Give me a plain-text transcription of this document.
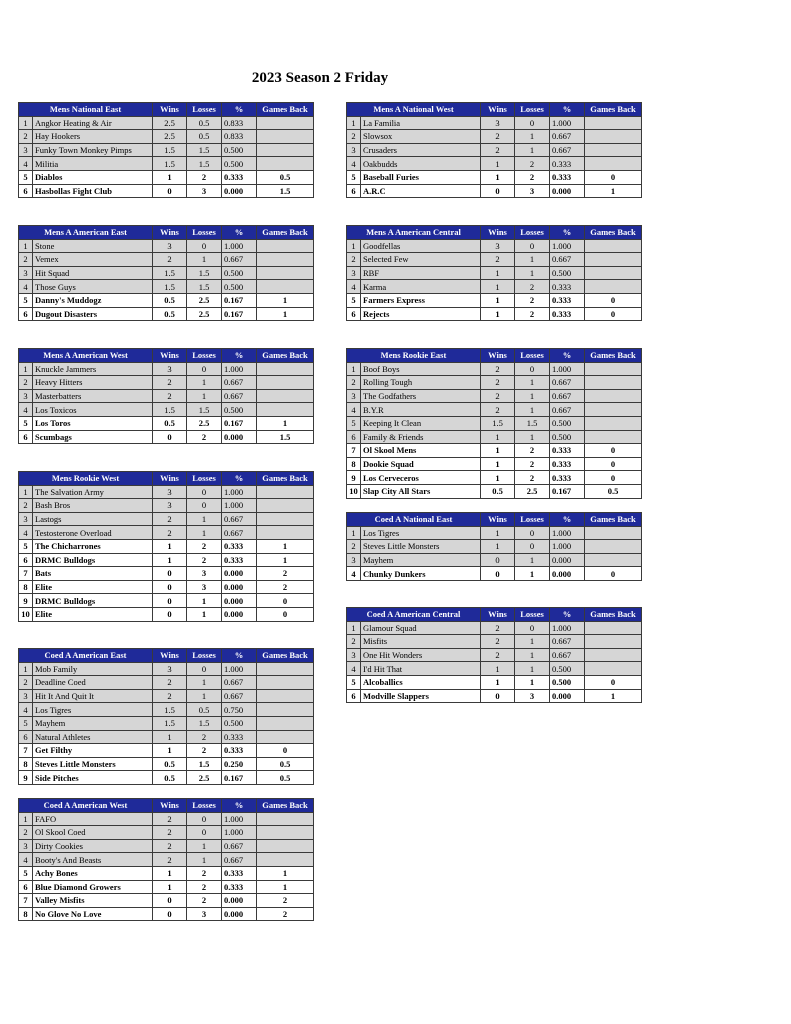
2023 Season 2 Friday
Mens National East		Wins	Losses	%	Games Back
1	Angkor Heating & Air	2.5	0.5	0.833	
2	Hay Hookers	2.5	0.5	0.833	
3	Funky Town Monkey Pimps	1.5	1.5	0.500	
4	Militia	1.5	1.5	0.500	
5	Diablos	1	2	0.333	0.5
6	Hasbollas Fight Club	0	3	0.000	1.5
Mens A National West		Wins	Losses	%	Games Back
1	La Familia	3	0	1.000	
2	Slowsox	2	1	0.667	
3	Crusaders	2	1	0.667	
4	Oakbudds	1	2	0.333	
5	Baseball Furies	1	2	0.333	0
6	A.R.C	0	3	0.000	1
Mens A American East		Wins	Losses	%	Games Back
1	Stone	3	0	1.000	
2	Vemex	2	1	0.667	
3	Hit Squad	1.5	1.5	0.500	
4	Those Guys	1.5	1.5	0.500	
5	Danny's Muddogz	0.5	2.5	0.167	1
6	Dugout Disasters	0.5	2.5	0.167	1
Mens A American Central		Wins	Losses	%	Games Back
1	Goodfellas	3	0	1.000	
2	Selected Few	2	1	0.667	
3	RBF	1	1	0.500	
4	Karma	1	2	0.333	
5	Farmers Express	1	2	0.333	0
6	Rejects	1	2	0.333	0
Mens A American West		Wins	Losses	%	Games Back
1	Knuckle Jammers	3	0	1.000	
2	Heavy Hitters	2	1	0.667	
3	Masterbatters	2	1	0.667	
4	Los Toxicos	1.5	1.5	0.500	
5	Los Toros	0.5	2.5	0.167	1
6	Scumbags	0	2	0.000	1.5
Mens Rookie East		Wins	Losses	%	Games Back
1	Boof Boys	2	0	1.000	
2	Rolling Tough	2	1	0.667	
3	The Godfathers	2	1	0.667	
4	B.Y.R	2	1	0.667	
5	Keeping It Clean	1.5	1.5	0.500	
6	Family & Friends	1	1	0.500	
7	Ol Skool Mens	1	2	0.333	0
8	Dookie Squad	1	2	0.333	0
9	Los Cerveceros	1	2	0.333	0
10	Slap City All Stars	0.5	2.5	0.167	0.5
Mens Rookie West		Wins	Losses	%	Games Back
1	The Salvation Army	3	0	1.000	
2	Bash Bros	3	0	1.000	
3	Lastogs	2	1	0.667	
4	Testosterone Overload	2	1	0.667	
5	The Chicharrones	1	2	0.333	1
6	DRMC Bulldogs	1	2	0.333	1
7	Bats	0	3	0.000	2
8	Elite	0	3	0.000	2
9	DRMC Bulldogs	0	1	0.000	0
10	Elite	0	1	0.000	0
Coed A National East		Wins	Losses	%	Games Back
1	Los Tigres	1	0	1.000	
2	Steves Little Monsters	1	0	1.000	
3	Mayhem	0	1	0.000	
4	Chunky Dunkers	0	1	0.000	0
Coed A American Central		Wins	Losses	%	Games Back
1	Glamour Squad	2	0	1.000	
2	Misfits	2	1	0.667	
3	One Hit Wonders	2	1	0.667	
4	I'd Hit That	1	1	0.500	
5	Alcoballics	1	1	0.500	0
6	Modville Slappers	0	3	0.000	1
Coed A American East		Wins	Losses	%	Games Back
1	Mob Family	3	0	1.000	
2	Deadline Coed	2	1	0.667	
3	Hit It And Quit It	2	1	0.667	
4	Los Tigres	1.5	0.5	0.750	
5	Mayhem	1.5	1.5	0.500	
6	Natural Athletes	1	2	0.333	
7	Get Filthy	1	2	0.333	0
8	Steves Little Monsters	0.5	1.5	0.250	0.5
9	Side Pitches	0.5	2.5	0.167	0.5
Coed A American West		Wins	Losses	%	Games Back
1	FAFO	2	0	1.000	
2	Ol Skool Coed	2	0	1.000	
3	Dirty Cookies	2	1	0.667	
4	Booty's And Beasts	2	1	0.667	
5	Achy Bones	1	2	0.333	1
6	Blue Diamond Growers	1	2	0.333	1
7	Valley Misfits	0	2	0.000	2
8	No Glove No Love	0	3	0.000	2
